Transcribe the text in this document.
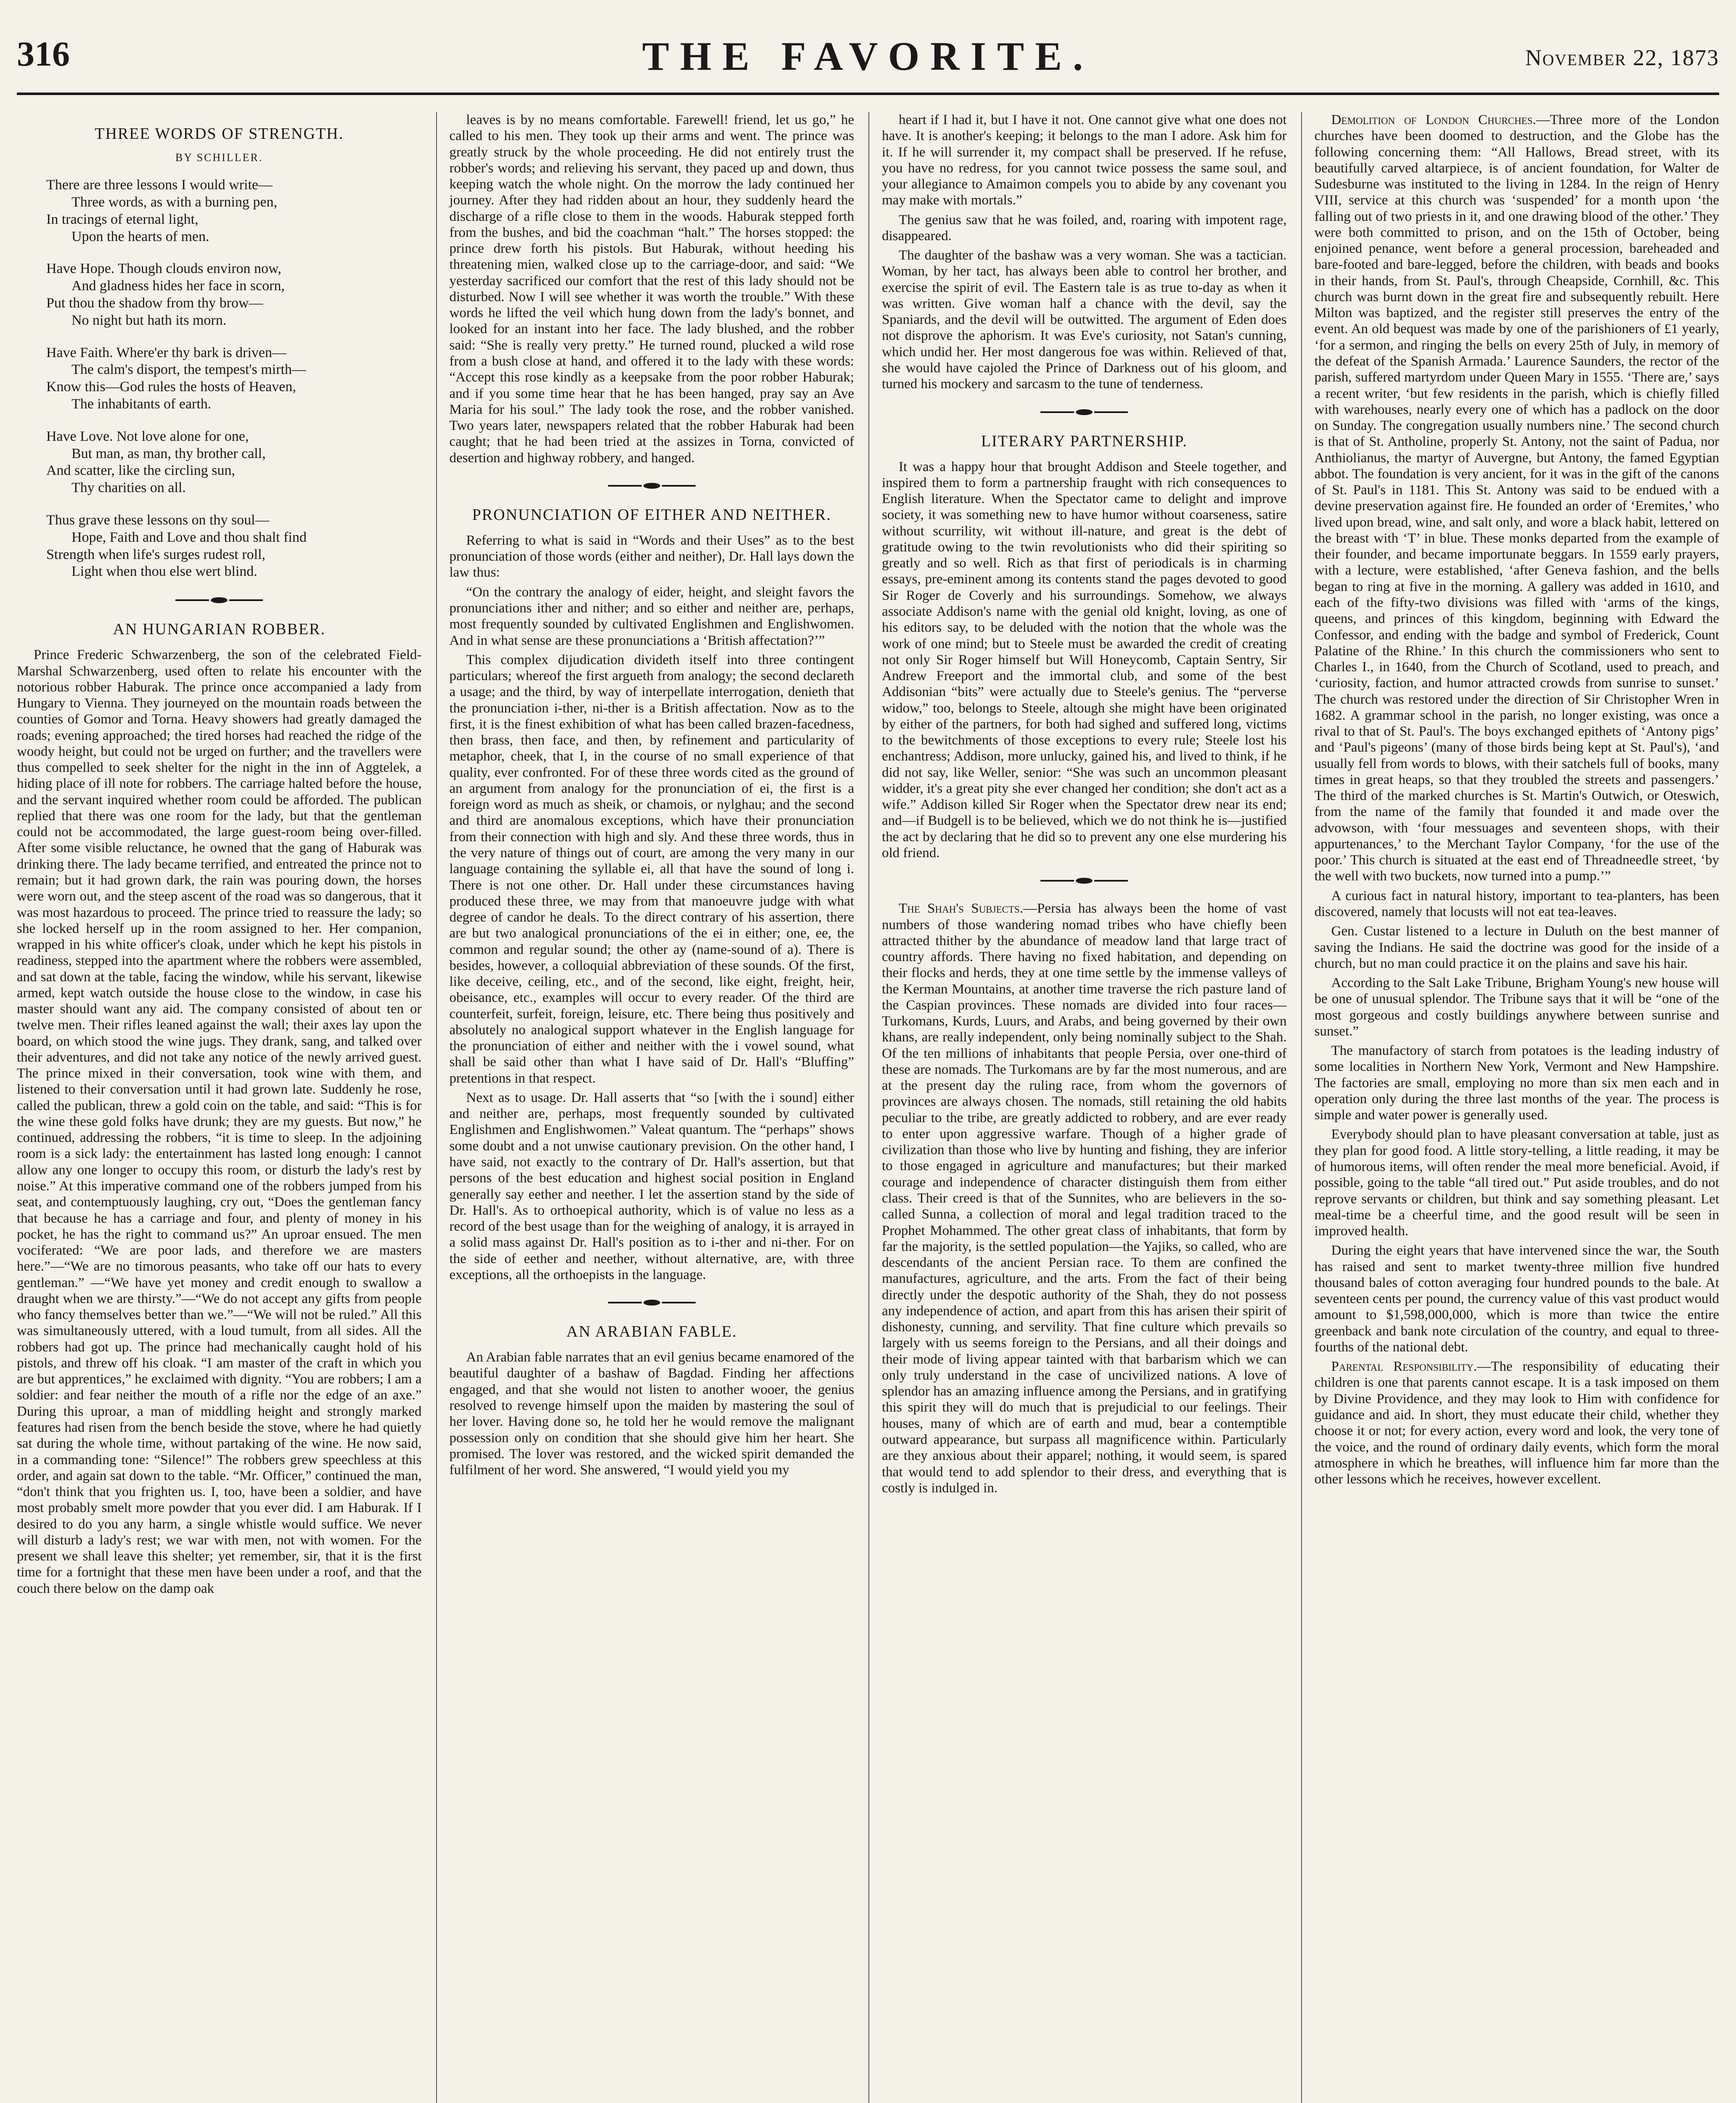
316	THE FAVORITE.	November 22, 1873
THREE WORDS OF STRENGTH.
BY SCHILLER.
There are three lessons I would write—
Three words, as with a burning pen,
In tracings of eternal light,
Upon the hearts of men.
Have Hope. Though clouds environ now,
And gladness hides her face in scorn,
Put thou the shadow from thy brow—
No night but hath its morn.
Have Faith. Where'er thy bark is driven—
The calm's disport, the tempest's mirth—
Know this—God rules the hosts of Heaven,
The inhabitants of earth.
Have Love. Not love alone for one,
But man, as man, thy brother call,
And scatter, like the circling sun,
Thy charities on all.
Thus grave these lessons on thy soul—
Hope, Faith and Love and thou shalt find
Strength when life's surges rudest roll,
Light when thou else wert blind.
AN HUNGARIAN ROBBER.

Prince Frederic Schwarzenberg, the son of the celebrated Field-Marshal Schwarzenberg, used often to relate his encounter with the notorious robber Haburak. The prince once accompanied a lady from Hungary to Vienna. They journeyed on the mountain roads between the counties of Gomor and Torna. Heavy showers had greatly damaged the roads; evening approached; the tired horses had reached the ridge of the woody height, but could not be urged on further; and the travellers were thus compelled to seek shelter for the night in the inn of Aggtelek, a hiding place of ill note for robbers. The carriage halted before the house, and the servant inquired whether room could be afforded. The publican replied that there was one room for the lady, but that the gentleman could not be accommodated, the large guest-room being over-filled. After some visible reluctance, he owned that the gang of Haburak was drinking there. The lady became terrified, and entreated the prince not to remain; but it had grown dark, the rain was pouring down, the horses were worn out, and the steep ascent of the road was so dangerous, that it was most hazardous to proceed. The prince tried to reassure the lady; so she locked herself up in the room assigned to her. Her companion, wrapped in his white officer's cloak, under which he kept his pistols in readiness, stepped into the apartment where the robbers were assembled, and sat down at the table, facing the window, while his servant, likewise armed, kept watch outside the house close to the window, in case his master should want any aid. The company consisted of about ten or twelve men. Their rifles leaned against the wall; their axes lay upon the board, on which stood the wine jugs. They drank, sang, and talked over their adventures, and did not take any notice of the newly arrived guest. The prince mixed in their conversation, took wine with them, and listened to their conversation until it had grown late. Suddenly he rose, called the publican, threw a gold coin on the table, and said: “This is for the wine these gold folks have drunk; they are my guests. But now,” he continued, addressing the robbers, “it is time to sleep. In the adjoining room is a sick lady: the entertainment has lasted long enough: I cannot allow any one longer to occupy this room, or disturb the lady's rest by noise.” At this imperative command one of the robbers jumped from his seat, and contemptuously laughing, cry out, “Does the gentleman fancy that because he has a carriage and four, and plenty of money in his pocket, he has the right to command us?” An uproar ensued. The men vociferated: “We are poor lads, and therefore we are masters here.”—“We are no timorous peasants, who take off our hats to every gentleman.” —“We have yet money and credit enough to swallow a draught when we are thirsty.”—“We do not accept any gifts from people who fancy themselves better than we.”—“We will not be ruled.” All this was simultaneously uttered, with a loud tumult, from all sides. All the robbers had got up. The prince had mechanically caught hold of his pistols, and threw off his cloak. “I am master of the craft in which you are but apprentices,” he exclaimed with dignity. “You are robbers; I am a soldier: and fear neither the mouth of a rifle nor the edge of an axe.” During this uproar, a man of middling height and strongly marked features had risen from the bench beside the stove, where he had quietly sat during the whole time, without partaking of the wine. He now said, in a commanding tone: “Silence!” The robbers grew speechless at this order, and again sat down to the table. “Mr. Officer,” continued the man, “don't think that you frighten us. I, too, have been a soldier, and have most probably smelt more powder that you ever did. I am Haburak. If I desired to do you any harm, a single whistle would suffice. We never will disturb a lady's rest; we war with men, not with women. For the present we shall leave this shelter; yet remember, sir, that it is the first time for a fortnight that these men have been under a roof, and that the couch there below on the damp oak

leaves is by no means comfortable. Farewell! friend, let us go,” he called to his men. They took up their arms and went. The prince was greatly struck by the whole proceeding. He did not entirely trust the robber's words; and relieving his servant, they paced up and down, thus keeping watch the whole night. On the morrow the lady continued her journey. After they had ridden about an hour, they suddenly heard the discharge of a rifle close to them in the woods. Haburak stepped forth from the bushes, and bid the coachman “halt.” The horses stopped: the prince drew forth his pistols. But Haburak, without heeding his threatening mien, walked close up to the carriage-door, and said: “We yesterday sacrificed our comfort that the rest of this lady should not be disturbed. Now I will see whether it was worth the trouble.” With these words he lifted the veil which hung down from the lady's bonnet, and looked for an instant into her face. The lady blushed, and the robber said: “She is really very pretty.” He turned round, plucked a wild rose from a bush close at hand, and offered it to the lady with these words: “Accept this rose kindly as a keepsake from the poor robber Haburak; and if you some time hear that he has been hanged, pray say an Ave Maria for his soul.” The lady took the rose, and the robber vanished. Two years later, newspapers related that the robber Haburak had been caught; that he had been tried at the assizes in Torna, convicted of desertion and highway robbery, and hanged.

PRONUNCIATION OF EITHER AND NEITHER.

Referring to what is said in “Words and their Uses” as to the best pronunciation of those words (either and neither), Dr. Hall lays down the law thus:

“On the contrary the analogy of eider, height, and sleight favors the pronunciations ither and nither; and so either and neither are, perhaps, most frequently sounded by cultivated Englishmen and Englishwomen. And in what sense are these pronunciations a ‘British affectation?’”

This complex dijudication divideth itself into three contingent particulars; whereof the first argueth from analogy; the second declareth a usage; and the third, by way of interpellate interrogation, denieth that the pronunciation i-ther, ni-ther is a British affectation. Now as to the first, it is the finest exhibition of what has been called brazen-facedness, then brass, then face, and then, by refinement and particularity of metaphor, cheek, that I, in the course of no small experience of that quality, ever confronted. For of these three words cited as the ground of an argument from analogy for the pronunciation of ei, the first is a foreign word as much as sheik, or chamois, or nylghau; and the second and third are anomalous exceptions, which have their pronunciation from their connection with high and sly. And these three words, thus in the very nature of things out of court, are among the very many in our language containing the syllable ei, all that have the sound of long i. There is not one other. Dr. Hall under these circumstances having produced these three, we may from that manoeuvre judge with what degree of candor he deals. To the direct contrary of his assertion, there are but two analogical pronunciations of the ei in either; one, ee, the common and regular sound; the other ay (name-sound of a). There is besides, however, a colloquial abbreviation of these sounds. Of the first, like deceive, ceiling, etc., and of the second, like eight, freight, heir, obeisance, etc., examples will occur to every reader. Of the third are counterfeit, surfeit, foreign, leisure, etc. There being thus positively and absolutely no analogical support whatever in the English language for the pronunciation of either and neither with the i vowel sound, what shall be said other than what I have said of Dr. Hall's “Bluffing” pretentions in that respect.

Next as to usage. Dr. Hall asserts that “so [with the i sound] either and neither are, perhaps, most frequently sounded by cultivated Englishmen and Englishwomen.” Valeat quantum. The “perhaps” shows some doubt and a not unwise cautionary prevision. On the other hand, I have said, not exactly to the contrary of Dr. Hall's assertion, but that persons of the best education and highest social position in England generally say eether and neether. I let the assertion stand by the side of Dr. Hall's. As to orthoepical authority, which is of value no less as a record of the best usage than for the weighing of analogy, it is arrayed in a solid mass against Dr. Hall's position as to i-ther and ni-ther. For on the side of eether and neether, without alternative, are, with three exceptions, all the orthoepists in the language.

AN ARABIAN FABLE.

An Arabian fable narrates that an evil genius became enamored of the beautiful daughter of a bashaw of Bagdad. Finding her affections engaged, and that she would not listen to another wooer, the genius resolved to revenge himself upon the maiden by mastering the soul of her lover. Having done so, he told her he would remove the malignant possession only on condition that she should give him her heart. She promised. The lover was restored, and the wicked spirit demanded the fulfilment of her word. She answered, “I would yield you my

heart if I had it, but I have it not. One cannot give what one does not have. It is another's keeping; it belongs to the man I adore. Ask him for it. If he will surrender it, my compact shall be preserved. If he refuse, you have no redress, for you cannot twice possess the same soul, and your allegiance to Amaimon compels you to abide by any covenant you may make with mortals.”

The genius saw that he was foiled, and, roaring with impotent rage, disappeared.

The daughter of the bashaw was a very woman. She was a tactician. Woman, by her tact, has always been able to control her brother, and exercise the spirit of evil. The Eastern tale is as true to-day as when it was written. Give woman half a chance with the devil, say the Spaniards, and the devil will be outwitted. The argument of Eden does not disprove the aphorism. It was Eve's curiosity, not Satan's cunning, which undid her. Her most dangerous foe was within. Relieved of that, she would have cajoled the Prince of Darkness out of his gloom, and turned his mockery and sarcasm to the tune of tenderness.

LITERARY PARTNERSHIP.

It was a happy hour that brought Addison and Steele together, and inspired them to form a partnership fraught with rich consequences to English literature. When the Spectator came to delight and improve society, it was something new to have humor without coarseness, satire without scurrility, wit without ill-nature, and great is the debt of gratitude owing to the twin revolutionists who did their spiriting so greatly and so well. Rich as that first of periodicals is in charming essays, pre-eminent among its contents stand the pages devoted to good Sir Roger de Coverly and his surroundings. Somehow, we always associate Addison's name with the genial old knight, loving, as one of his editors say, to be deluded with the notion that the whole was the work of one mind; but to Steele must be awarded the credit of creating not only Sir Roger himself but Will Honeycomb, Captain Sentry, Sir Andrew Freeport and the immortal club, and some of the best Addisonian “bits” were actually due to Steele's genius. The “perverse widow,” too, belongs to Steele, altough she might have been originated by either of the partners, for both had sighed and suffered long, victims to the bewitchments of those exceptions to every rule; Steele lost his enchantress; Addison, more unlucky, gained his, and lived to think, if he did not say, like Weller, senior: “She was such an uncommon pleasant widder, it's a great pity she ever changed her condition; she don't act as a wife.” Addison killed Sir Roger when the Spectator drew near its end; and—if Budgell is to be believed, which we do not think he is—justified the act by declaring that he did so to prevent any one else murdering his old friend.

The Shah's Subjects.—Persia has always been the home of vast numbers of those wandering nomad tribes who have chiefly been attracted thither by the abundance of meadow land that large tract of country affords. There having no fixed habitation, and depending on their flocks and herds, they at one time settle by the immense valleys of the Kerman Mountains, at another time traverse the rich pasture land of the Caspian provinces. These nomads are divided into four races—Turkomans, Kurds, Luurs, and Arabs, and being governed by their own khans, are really independent, only being nominally subject to the Shah. Of the ten millions of inhabitants that people Persia, over one-third of these are nomads. The Turkomans are by far the most numerous, and are at the present day the ruling race, from whom the governors of provinces are always chosen. The nomads, still retaining the old habits peculiar to the tribe, are greatly addicted to robbery, and are ever ready to enter upon aggressive warfare. Though of a higher grade of civilization than those who live by hunting and fishing, they are inferior to those engaged in agriculture and manufactures; but their marked courage and independence of character distinguish them from either class. Their creed is that of the Sunnites, who are believers in the so-called Sunna, a collection of moral and legal tradition traced to the Prophet Mohammed. The other great class of inhabitants, that form by far the majority, is the settled population—the Yajiks, so called, who are descendants of the ancient Persian race. To them are confined the manufactures, agriculture, and the arts. From the fact of their being directly under the despotic authority of the Shah, they do not possess any independence of action, and apart from this has arisen their spirit of dishonesty, cunning, and servility. That fine culture which prevails so largely with us seems foreign to the Persians, and all their doings and their mode of living appear tainted with that barbarism which we can only truly understand in the case of uncivilized nations. A love of splendor has an amazing influence among the Persians, and in gratifying this spirit they will do much that is prejudicial to our feelings. Their houses, many of which are of earth and mud, bear a contemptible outward appearance, but surpass all magnificence within. Particularly are they anxious about their apparel; nothing, it would seem, is spared that would tend to add splendor to their dress, and everything that is costly is indulged in.

Demolition of London Churches.—Three more of the London churches have been doomed to destruction, and the Globe has the following concerning them: “All Hallows, Bread street, with its beautifully carved altarpiece, is of ancient foundation, for Walter de Sudesburne was instituted to the living in 1284. In the reign of Henry VIII, service at this church was ‘suspended’ for a month upon ‘the falling out of two priests in it, and one drawing blood of the other.’ They were both committed to prison, and on the 15th of October, being enjoined penance, went before a general procession, bareheaded and bare-footed and bare-legged, before the children, with beads and books in their hands, from St. Paul's, through Cheapside, Cornhill, &c. This church was burnt down in the great fire and subsequently rebuilt. Here Milton was baptized, and the register still preserves the entry of the event. An old bequest was made by one of the parishioners of £1 yearly, ‘for a sermon, and ringing the bells on every 25th of July, in memory of the defeat of the Spanish Armada.’ Laurence Saunders, the rector of the parish, suffered martyrdom under Queen Mary in 1555. ‘There are,’ says a recent writer, ‘but few residents in the parish, which is chiefly filled with warehouses, nearly every one of which has a padlock on the door on Sunday. The congregation usually numbers nine.’ The second church is that of St. Antholine, properly St. Antony, not the saint of Padua, nor Anthiolianus, the martyr of Auvergne, but Antony, the famed Egyptian abbot. The foundation is very ancient, for it was in the gift of the canons of St. Paul's in 1181. This St. Antony was said to be endued with a devine preservation against fire. He founded an order of ‘Eremites,’ who lived upon bread, wine, and salt only, and wore a black habit, lettered on the breast with ‘T’ in blue. These monks departed from the example of their founder, and became importunate beggars. In 1559 early prayers, with a lecture, were established, ‘after Geneva fashion, and the bells began to ring at five in the morning. A gallery was added in 1610, and each of the fifty-two divisions was filled with ‘arms of the kings, queens, and princes of this kingdom, beginning with Edward the Confessor, and ending with the badge and symbol of Frederick, Count Palatine of the Rhine.’ In this church the commissioners who sent to Charles I., in 1640, from the Church of Scotland, used to preach, and ‘curiosity, faction, and humor attracted crowds from sunrise to sunset.’ The church was restored under the direction of Sir Christopher Wren in 1682. A grammar school in the parish, no longer existing, was once a rival to that of St. Paul's. The boys exchanged epithets of ‘Antony pigs’ and ‘Paul's pigeons’ (many of those birds being kept at St. Paul's), ‘and usually fell from words to blows, with their satchels full of books, many times in great heaps, so that they troubled the streets and passengers.’ The third of the marked churches is St. Martin's Outwich, or Oteswich, from the name of the family that founded it and made over the advowson, with ‘four messuages and seventeen shops, with their appurtenances,’ to the Merchant Taylor Company, ‘for the use of the poor.’ This church is situated at the east end of Threadneedle street, ‘by the well with two buckets, now turned into a pump.’”

A curious fact in natural history, important to tea-planters, has been discovered, namely that locusts will not eat tea-leaves.

Gen. Custar listened to a lecture in Duluth on the best manner of saving the Indians. He said the doctrine was good for the inside of a church, but no man could practice it on the plains and save his hair.

According to the Salt Lake Tribune, Brigham Young's new house will be one of unusual splendor. The Tribune says that it will be “one of the most gorgeous and costly buildings anywhere between sunrise and sunset.”

The manufactory of starch from potatoes is the leading industry of some localities in Northern New York, Vermont and New Hampshire. The factories are small, employing no more than six men each and in operation only during the three last months of the year. The process is simple and water power is generally used.

Everybody should plan to have pleasant conversation at table, just as they plan for good food. A little story-telling, a little reading, it may be of humorous items, will often render the meal more beneficial. Avoid, if possible, going to the table “all tired out.” Put aside troubles, and do not reprove servants or children, but think and say something pleasant. Let meal-time be a cheerful time, and the good result will be seen in improved health.

During the eight years that have intervened since the war, the South has raised and sent to market twenty-three million five hundred thousand bales of cotton averaging four hundred pounds to the bale. At seventeen cents per pound, the currency value of this vast product would amount to $1,598,000,000, which is more than twice the entire greenback and bank note circulation of the country, and equal to three-fourths of the national debt.

Parental Responsibility.—The responsibility of educating their children is one that parents cannot escape. It is a task imposed on them by Divine Providence, and they may look to Him with confidence for guidance and aid. In short, they must educate their child, whether they choose it or not; for every action, every word and look, the very tone of the voice, and the round of ordinary daily events, which form the moral atmosphere in which he breathes, will influence him far more than the other lessons which he receives, however excellent.
